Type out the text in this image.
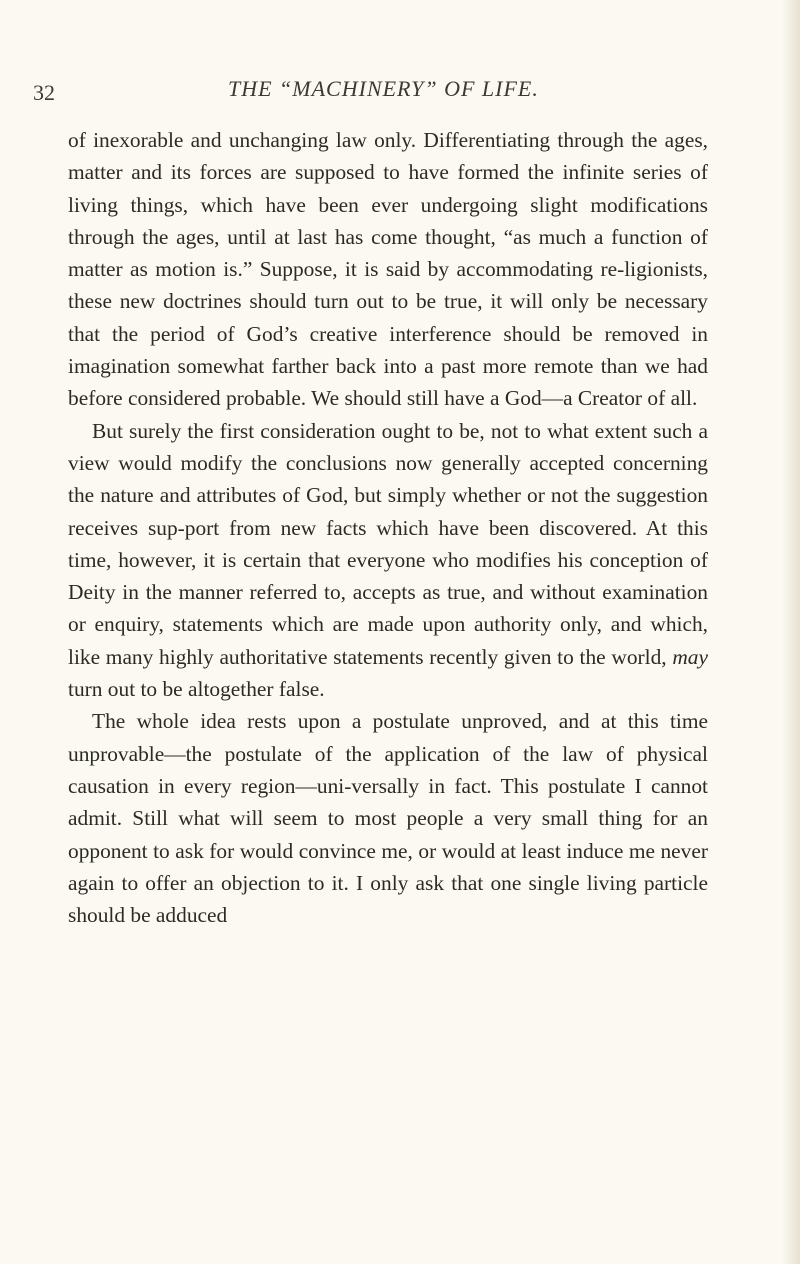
32	THE “MACHINERY” OF LIFE.

of inexorable and unchanging law only. Differentiating through the ages, matter and its forces are supposed to have formed the infinite series of living things, which have been ever undergoing slight modifications through the ages, until at last has come thought, “as much a function of matter as motion is.” Suppose, it is said by accommodating re-ligionists, these new doctrines should turn out to be true, it will only be necessary that the period of God’s creative interference should be removed in imagination somewhat farther back into a past more remote than we had before considered probable. We should still have a God—a Creator of all.

But surely the first consideration ought to be, not to what extent such a view would modify the conclusions now generally accepted concerning the nature and attributes of God, but simply whether or not the suggestion receives sup-port from new facts which have been discovered. At this time, however, it is certain that everyone who modifies his conception of Deity in the manner referred to, accepts as true, and without examination or enquiry, statements which are made upon authority only, and which, like many highly authoritative statements recently given to the world, may turn out to be altogether false.

The whole idea rests upon a postulate unproved, and at this time unprovable—the postulate of the application of the law of physical causation in every region—uni-versally in fact. This postulate I cannot admit. Still what will seem to most people a very small thing for an opponent to ask for would convince me, or would at least induce me never again to offer an objection to it. I only ask that one single living particle should be adduced
